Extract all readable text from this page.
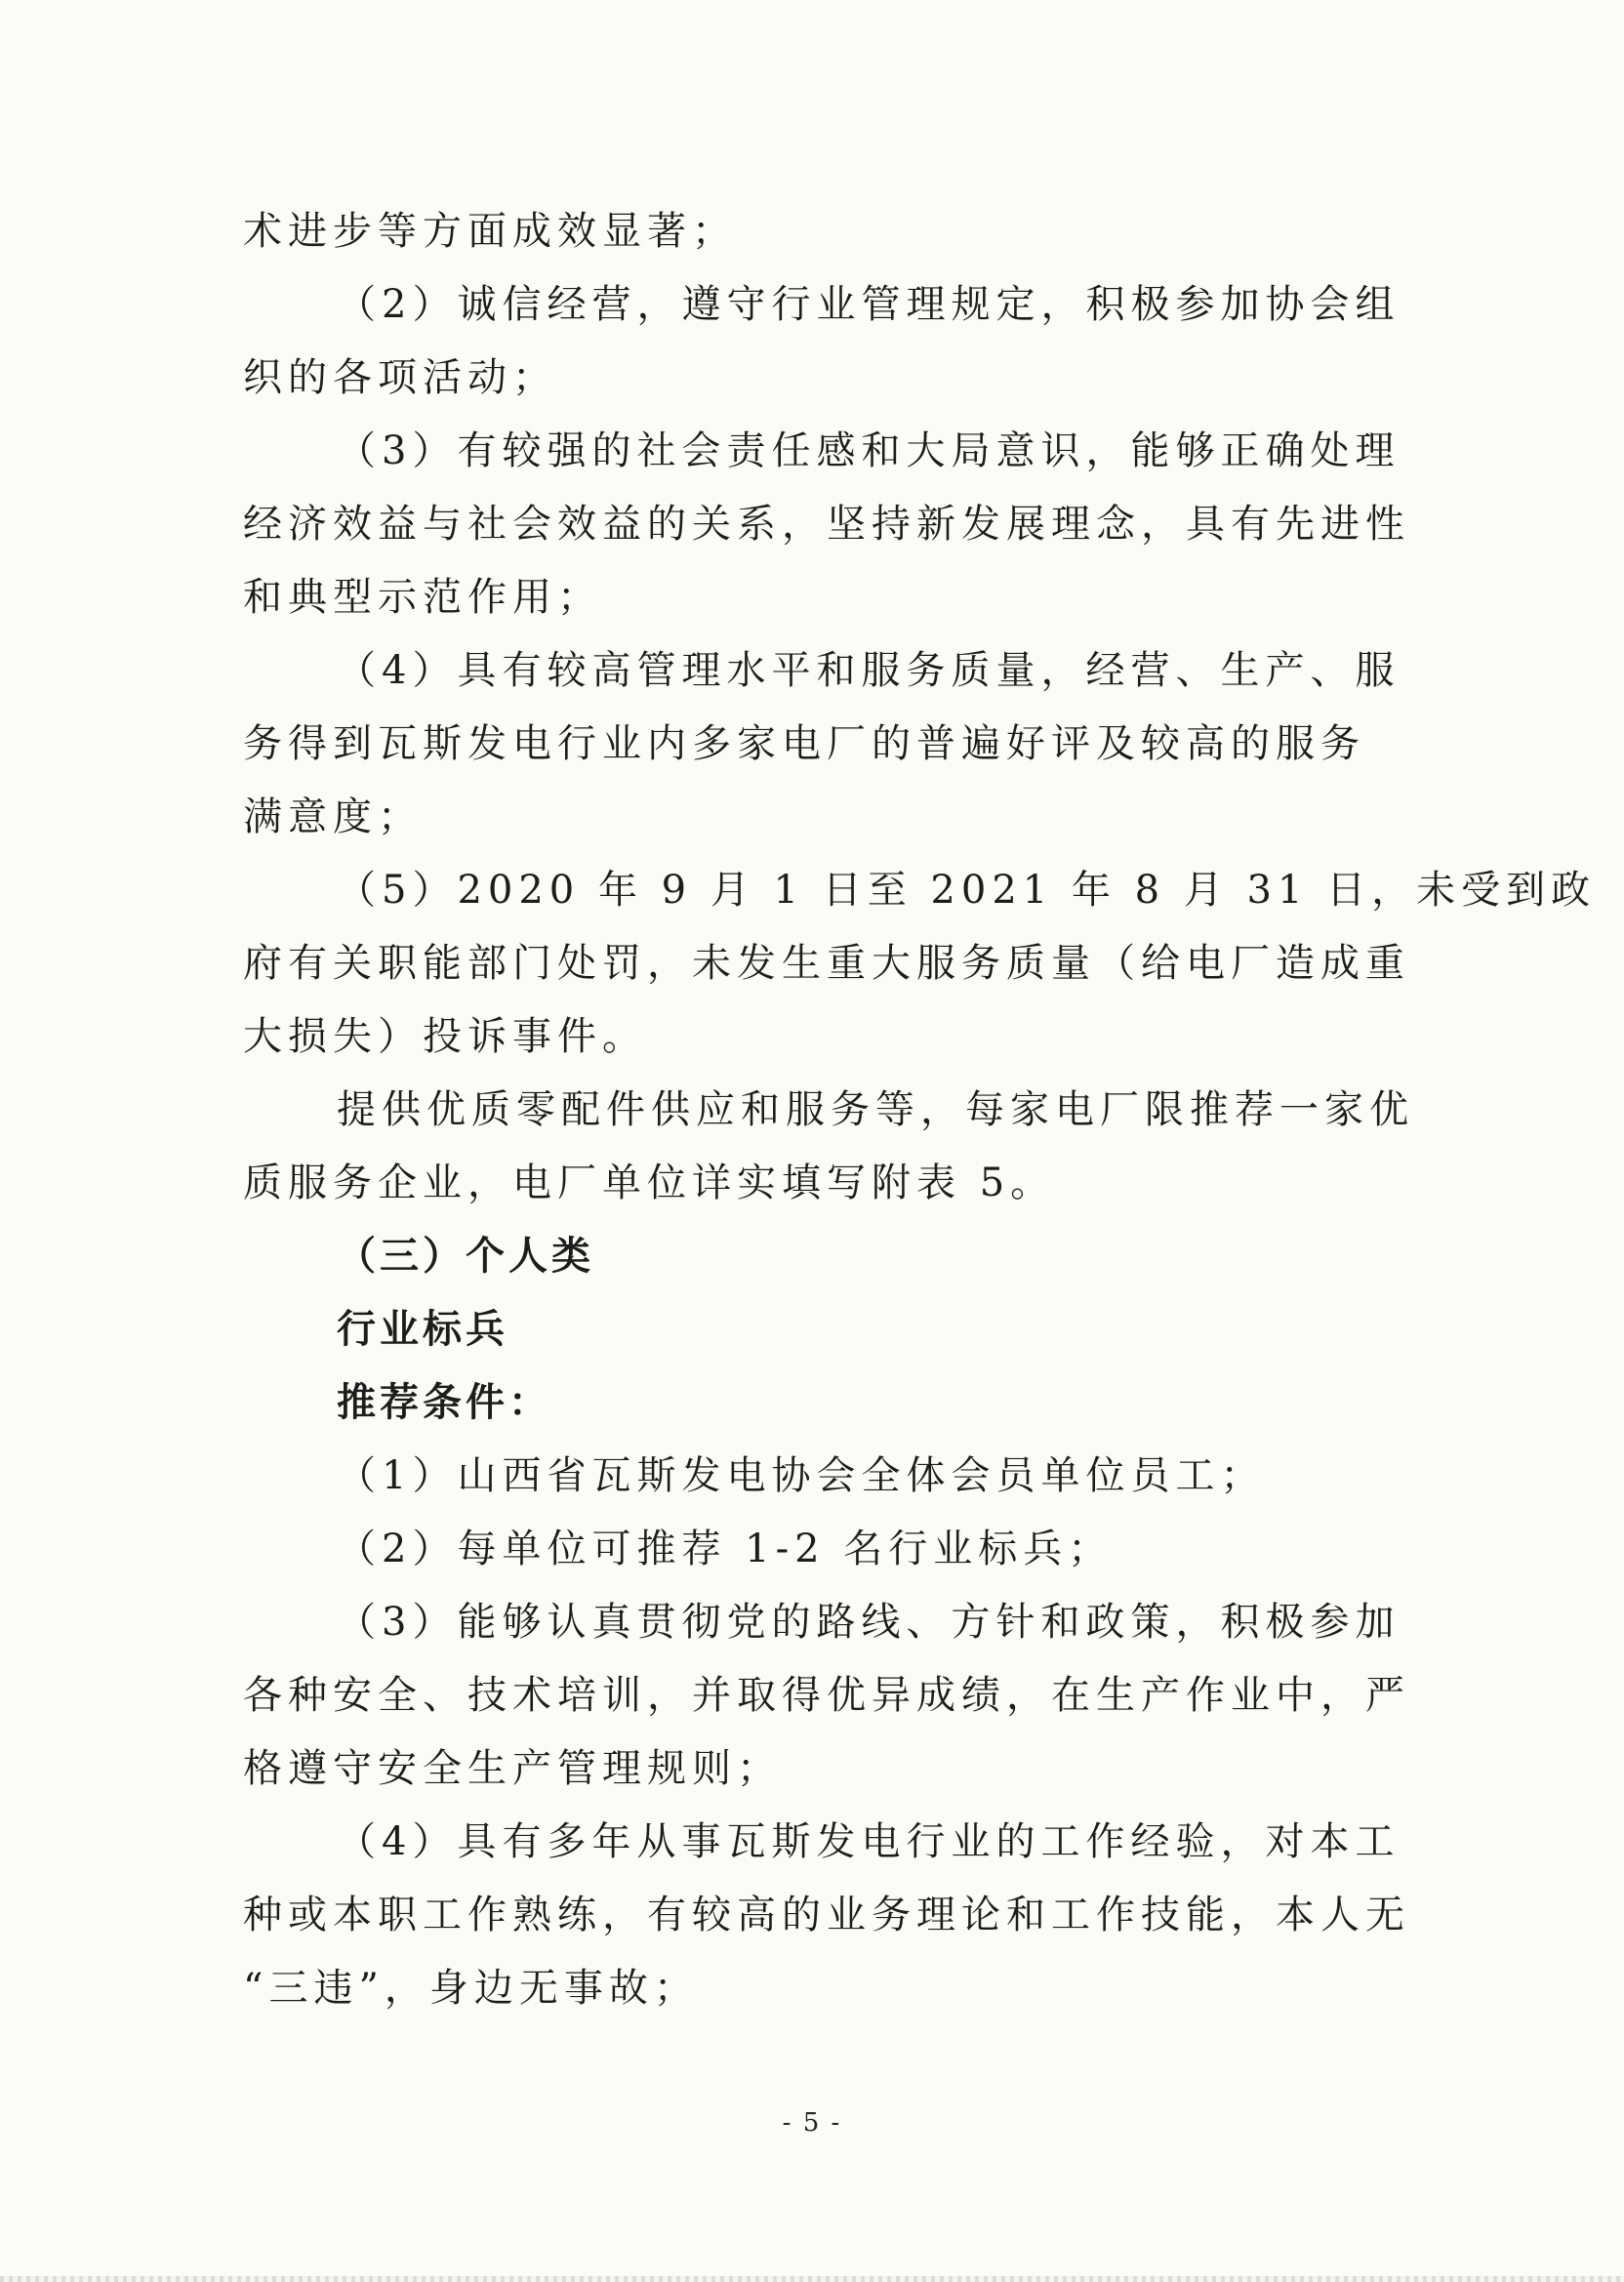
术进步等方面成效显著；
（2）诚信经营，遵守行业管理规定，积极参加协会组
织的各项活动；
（3）有较强的社会责任感和大局意识，能够正确处理
经济效益与社会效益的关系，坚持新发展理念，具有先进性
和典型示范作用；
（4）具有较高管理水平和服务质量，经营、生产、服
务得到瓦斯发电行业内多家电厂的普遍好评及较高的服务
满意度；
（5）2020 年 9 月 1 日至 2021 年 8 月 31 日，未受到政
府有关职能部门处罚，未发生重大服务质量（给电厂造成重
大损失）投诉事件。
提供优质零配件供应和服务等，每家电厂限推荐一家优
质服务企业，电厂单位详实填写附表 5。
（三）个人类
行业标兵
推荐条件：
（1）山西省瓦斯发电协会全体会员单位员工；
（2）每单位可推荐 1-2 名行业标兵；
（3）能够认真贯彻党的路线、方针和政策，积极参加
各种安全、技术培训，并取得优异成绩，在生产作业中，严
格遵守安全生产管理规则；
（4）具有多年从事瓦斯发电行业的工作经验，对本工
种或本职工作熟练，有较高的业务理论和工作技能，本人无
“三违”，身边无事故；
- 5 -
